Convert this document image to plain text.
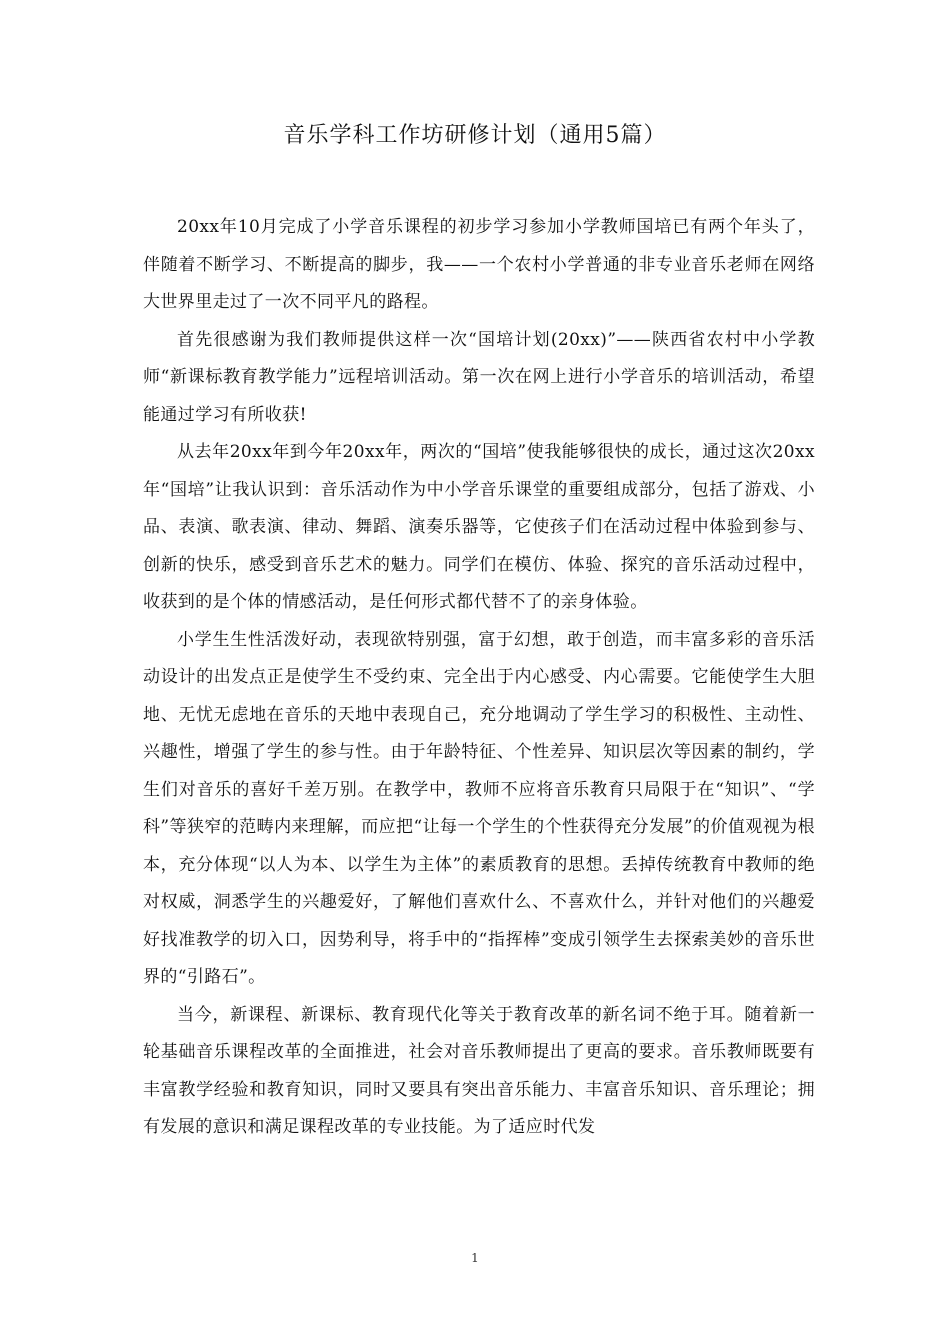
音乐学科工作坊研修计划（通用5篇）

20xx年10月完成了小学音乐课程的初步学习参加小学教师国培已有两个年头了，伴随着不断学习、不断提高的脚步，我——一个农村小学普通的非专业音乐老师在网络大世界里走过了一次不同平凡的路程。

首先很感谢为我们教师提供这样一次“国培计划(20xx)”——陕西省农村中小学教师“新课标教育教学能力”远程培训活动。第一次在网上进行小学音乐的培训活动，希望能通过学习有所收获!

从去年20xx年到今年20xx年，两次的“国培”使我能够很快的成长，通过这次20xx年“国培”让我认识到：音乐活动作为中小学音乐课堂的重要组成部分，包括了游戏、小品、表演、歌表演、律动、舞蹈、演奏乐器等，它使孩子们在活动过程中体验到参与、创新的快乐，感受到音乐艺术的魅力。同学们在模仿、体验、探究的音乐活动过程中，收获到的是个体的情感活动，是任何形式都代替不了的亲身体验。

小学生生性活泼好动，表现欲特别强，富于幻想，敢于创造，而丰富多彩的音乐活动设计的出发点正是使学生不受约束、完全出于内心感受、内心需要。它能使学生大胆地、无忧无虑地在音乐的天地中表现自己，充分地调动了学生学习的积极性、主动性、兴趣性，增强了学生的参与性。由于年龄特征、个性差异、知识层次等因素的制约，学生们对音乐的喜好千差万别。在教学中，教师不应将音乐教育只局限于在“知识”、“学科”等狭窄的范畴内来理解，而应把“让每一个学生的个性获得充分发展”的价值观视为根本，充分体现“以人为本、以学生为主体”的素质教育的思想。丢掉传统教育中教师的绝对权威，洞悉学生的兴趣爱好，了解他们喜欢什么、不喜欢什么，并针对他们的兴趣爱好找准教学的切入口，因势利导，将手中的“指挥棒”变成引领学生去探索美妙的音乐世界的“引路石”。

当今，新课程、新课标、教育现代化等关于教育改革的新名词不绝于耳。随着新一轮基础音乐课程改革的全面推进，社会对音乐教师提出了更高的要求。音乐教师既要有丰富教学经验和教育知识，同时又要具有突出音乐能力、丰富音乐知识、音乐理论；拥有发展的意识和满足课程改革的专业技能。为了适应时代发

1
